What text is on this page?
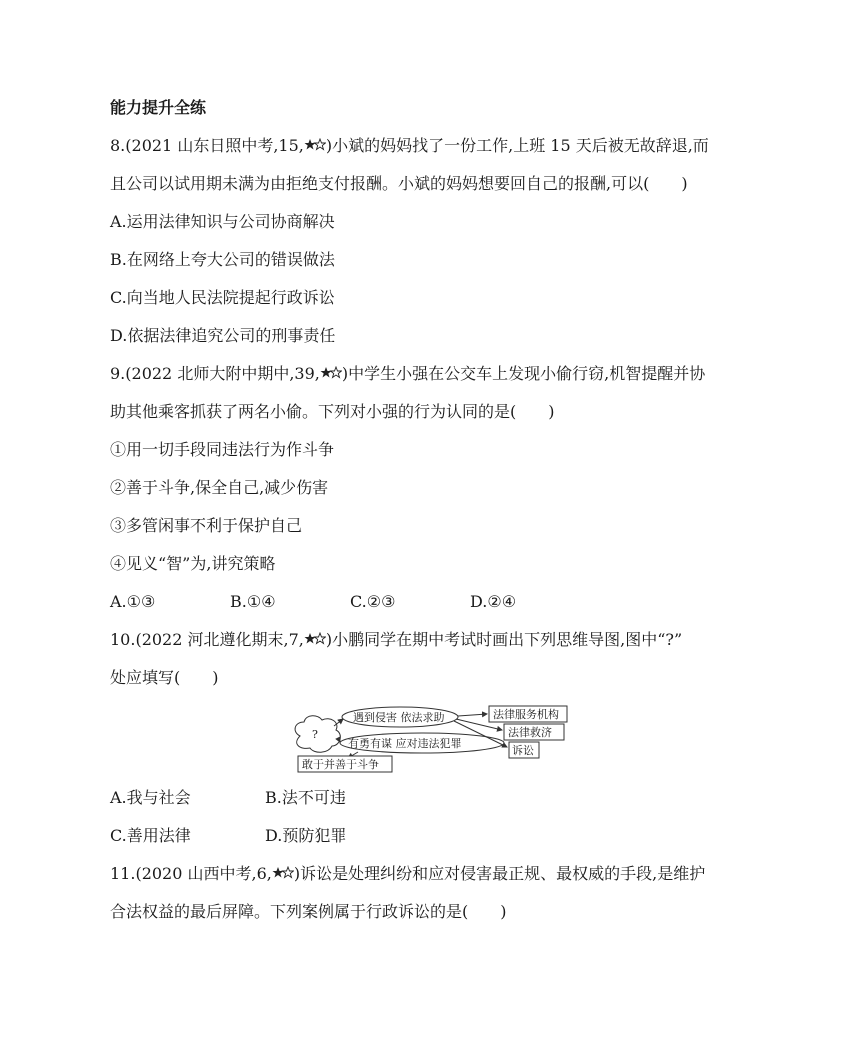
能力提升全练
8.(2021 山东日照中考,15, )小斌的妈妈找了一份工作,上班 15 天后被无故辞退,而
且公司以试用期未满为由拒绝支付报酬。小斌的妈妈想要回自己的报酬,可以(　　)
A.运用法律知识与公司协商解决
B.在网络上夸大公司的错误做法
C.向当地人民法院提起行政诉讼
D.依据法律追究公司的刑事责任
9.(2022 北师大附中期中,39, )中学生小强在公交车上发现小偷行窃,机智提醒并协
助其他乘客抓获了两名小偷。下列对小强的行为认同的是(　　)
①用一切手段同违法行为作斗争
②善于斗争,保全自己,减少伤害
③多管闲事不利于保护自己
④见义“智”为,讲究策略
A.①③	B.①④	C.②③	D.②④
10.(2022 河北遵化期末,7, )小鹏同学在期中考试时画出下列思维导图,图中“?”
处应填写(　　)
?
遇到侵害 依法求助
有勇有谋 应对违法犯罪
法律服务机构
法律救济
诉讼
敢于并善于斗争
A.我与社会	B.法不可违
C.善用法律	D.预防犯罪
11.(2020 山西中考,6, )诉讼是处理纠纷和应对侵害最正规、最权威的手段,是维护
合法权益的最后屏障。下列案例属于行政诉讼的是(　　)
